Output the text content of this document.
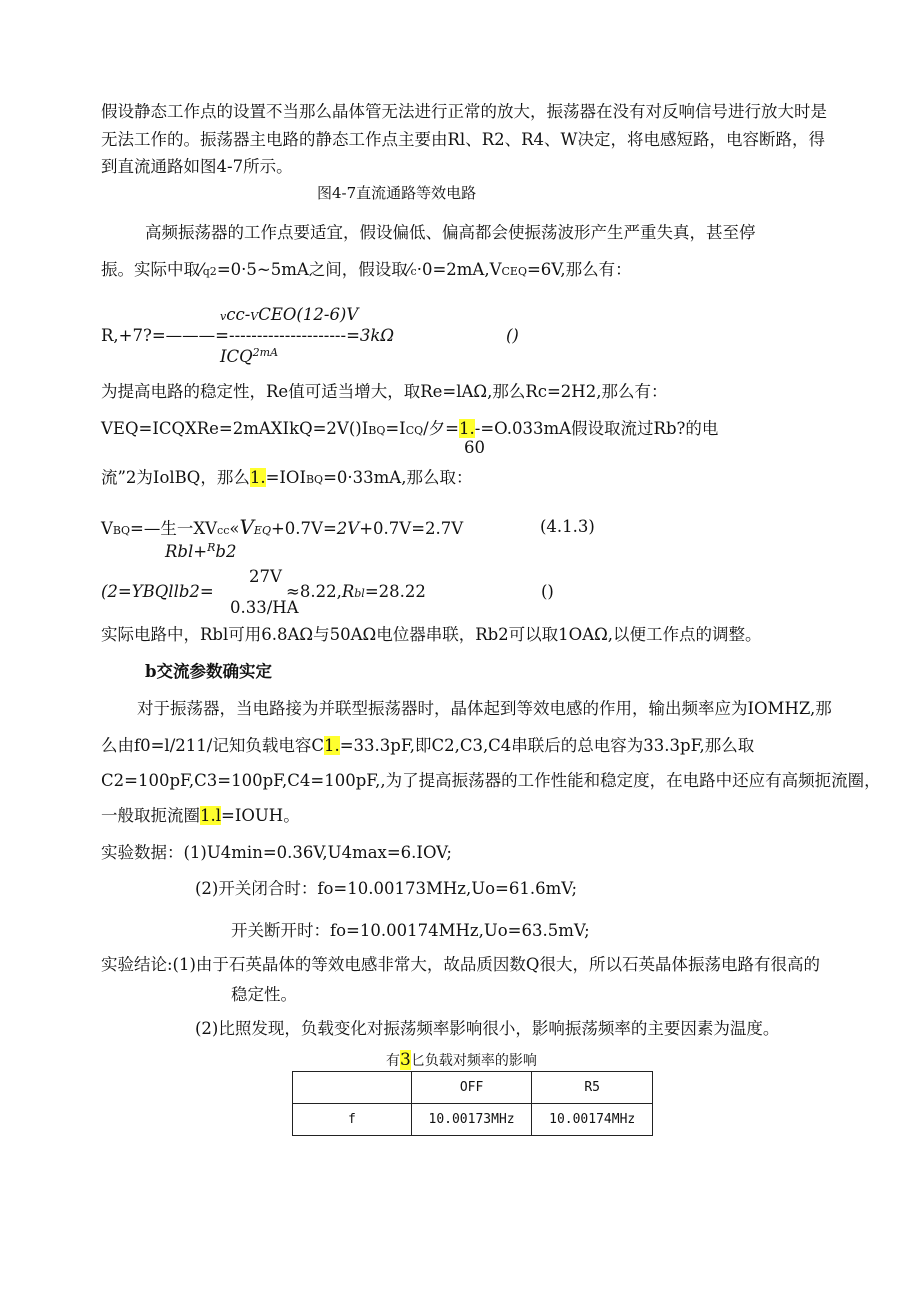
假设静态工作点的设置不当那么晶体管无法进行正常的放大，振荡器在没有对反响信号进行放大时是
无法工作的。振荡器主电路的静态工作点主要由Rl、R2、R4、W决定，将电感短路，电容断路，得
到直流通路如图4-7所示。
图4-7直流通路等效电路
高频振荡器的工作点要适宜，假设偏低、偏高都会使振荡波形产生严重失真，甚至停
振。实际中取⁄q2=0·5~5mA之间，假设取⁄c·0=2mA,VCEQ=6V,那么有：
vcc-VCEO(12-6)V
R,+7?=———=---------------------=3kΩ	()
$ICQ^{2mA}$
为提高电路的稳定性，Re值可适当增大，取Re=lAΩ,那么Rc=2H2,那么有：
VEQ=ICQXRe=2mAXIkQ=2V()IBQ=ICQ/夕=1.-=O.033mA假设取流过Rb?的电
60
流”2为IolBQ，那么1.=IOIBQ=0·33mA,那么取：
VBQ=—生一XVcc«VEQ+0.7V=2V+0.7V=2.7V	(4.1.3)
Rbl+$^R$b2
27V
(2=YBQllb2=	≈8.22,Rbl=28.22	()
0.33/HA
实际电路中，Rbl可用6.8AΩ与50AΩ电位器串联，Rb2可以取1OAΩ,以便工作点的调整。
b交流参数确实定
对于振荡器，当电路接为并联型振荡器时，晶体起到等效电感的作用，输出频率应为IOMHZ,那
么由f0=l/211/记知负载电容C1.=33.3pF,即C2,C3,C4串联后的总电容为33.3pF,那么取
C2=100pF,C3=100pF,C4=100pF,,为了提高振荡器的工作性能和稳定度，在电路中还应有高频扼流圈，
一般取扼流圈1.l=IOUH。
实验数据：(1)U4min=0.36V,U4max=6.IOV;
(2)开关闭合时：fo=10.00173MHz,Uo=61.6mV;
开关断开时：fo=10.00174MHz,Uo=63.5mV;
实验结论:(1)由于石英晶体的等效电感非常大，故品质因数Q很大，所以石英晶体振荡电路有很高的
稳定性。
(2)比照发现，负载变化对振荡频率影响很小，影响振荡频率的主要因素为温度。
有3匕负载对频率的影响
	OFF	R5
f	10.00173MHz	10.00174MHz
